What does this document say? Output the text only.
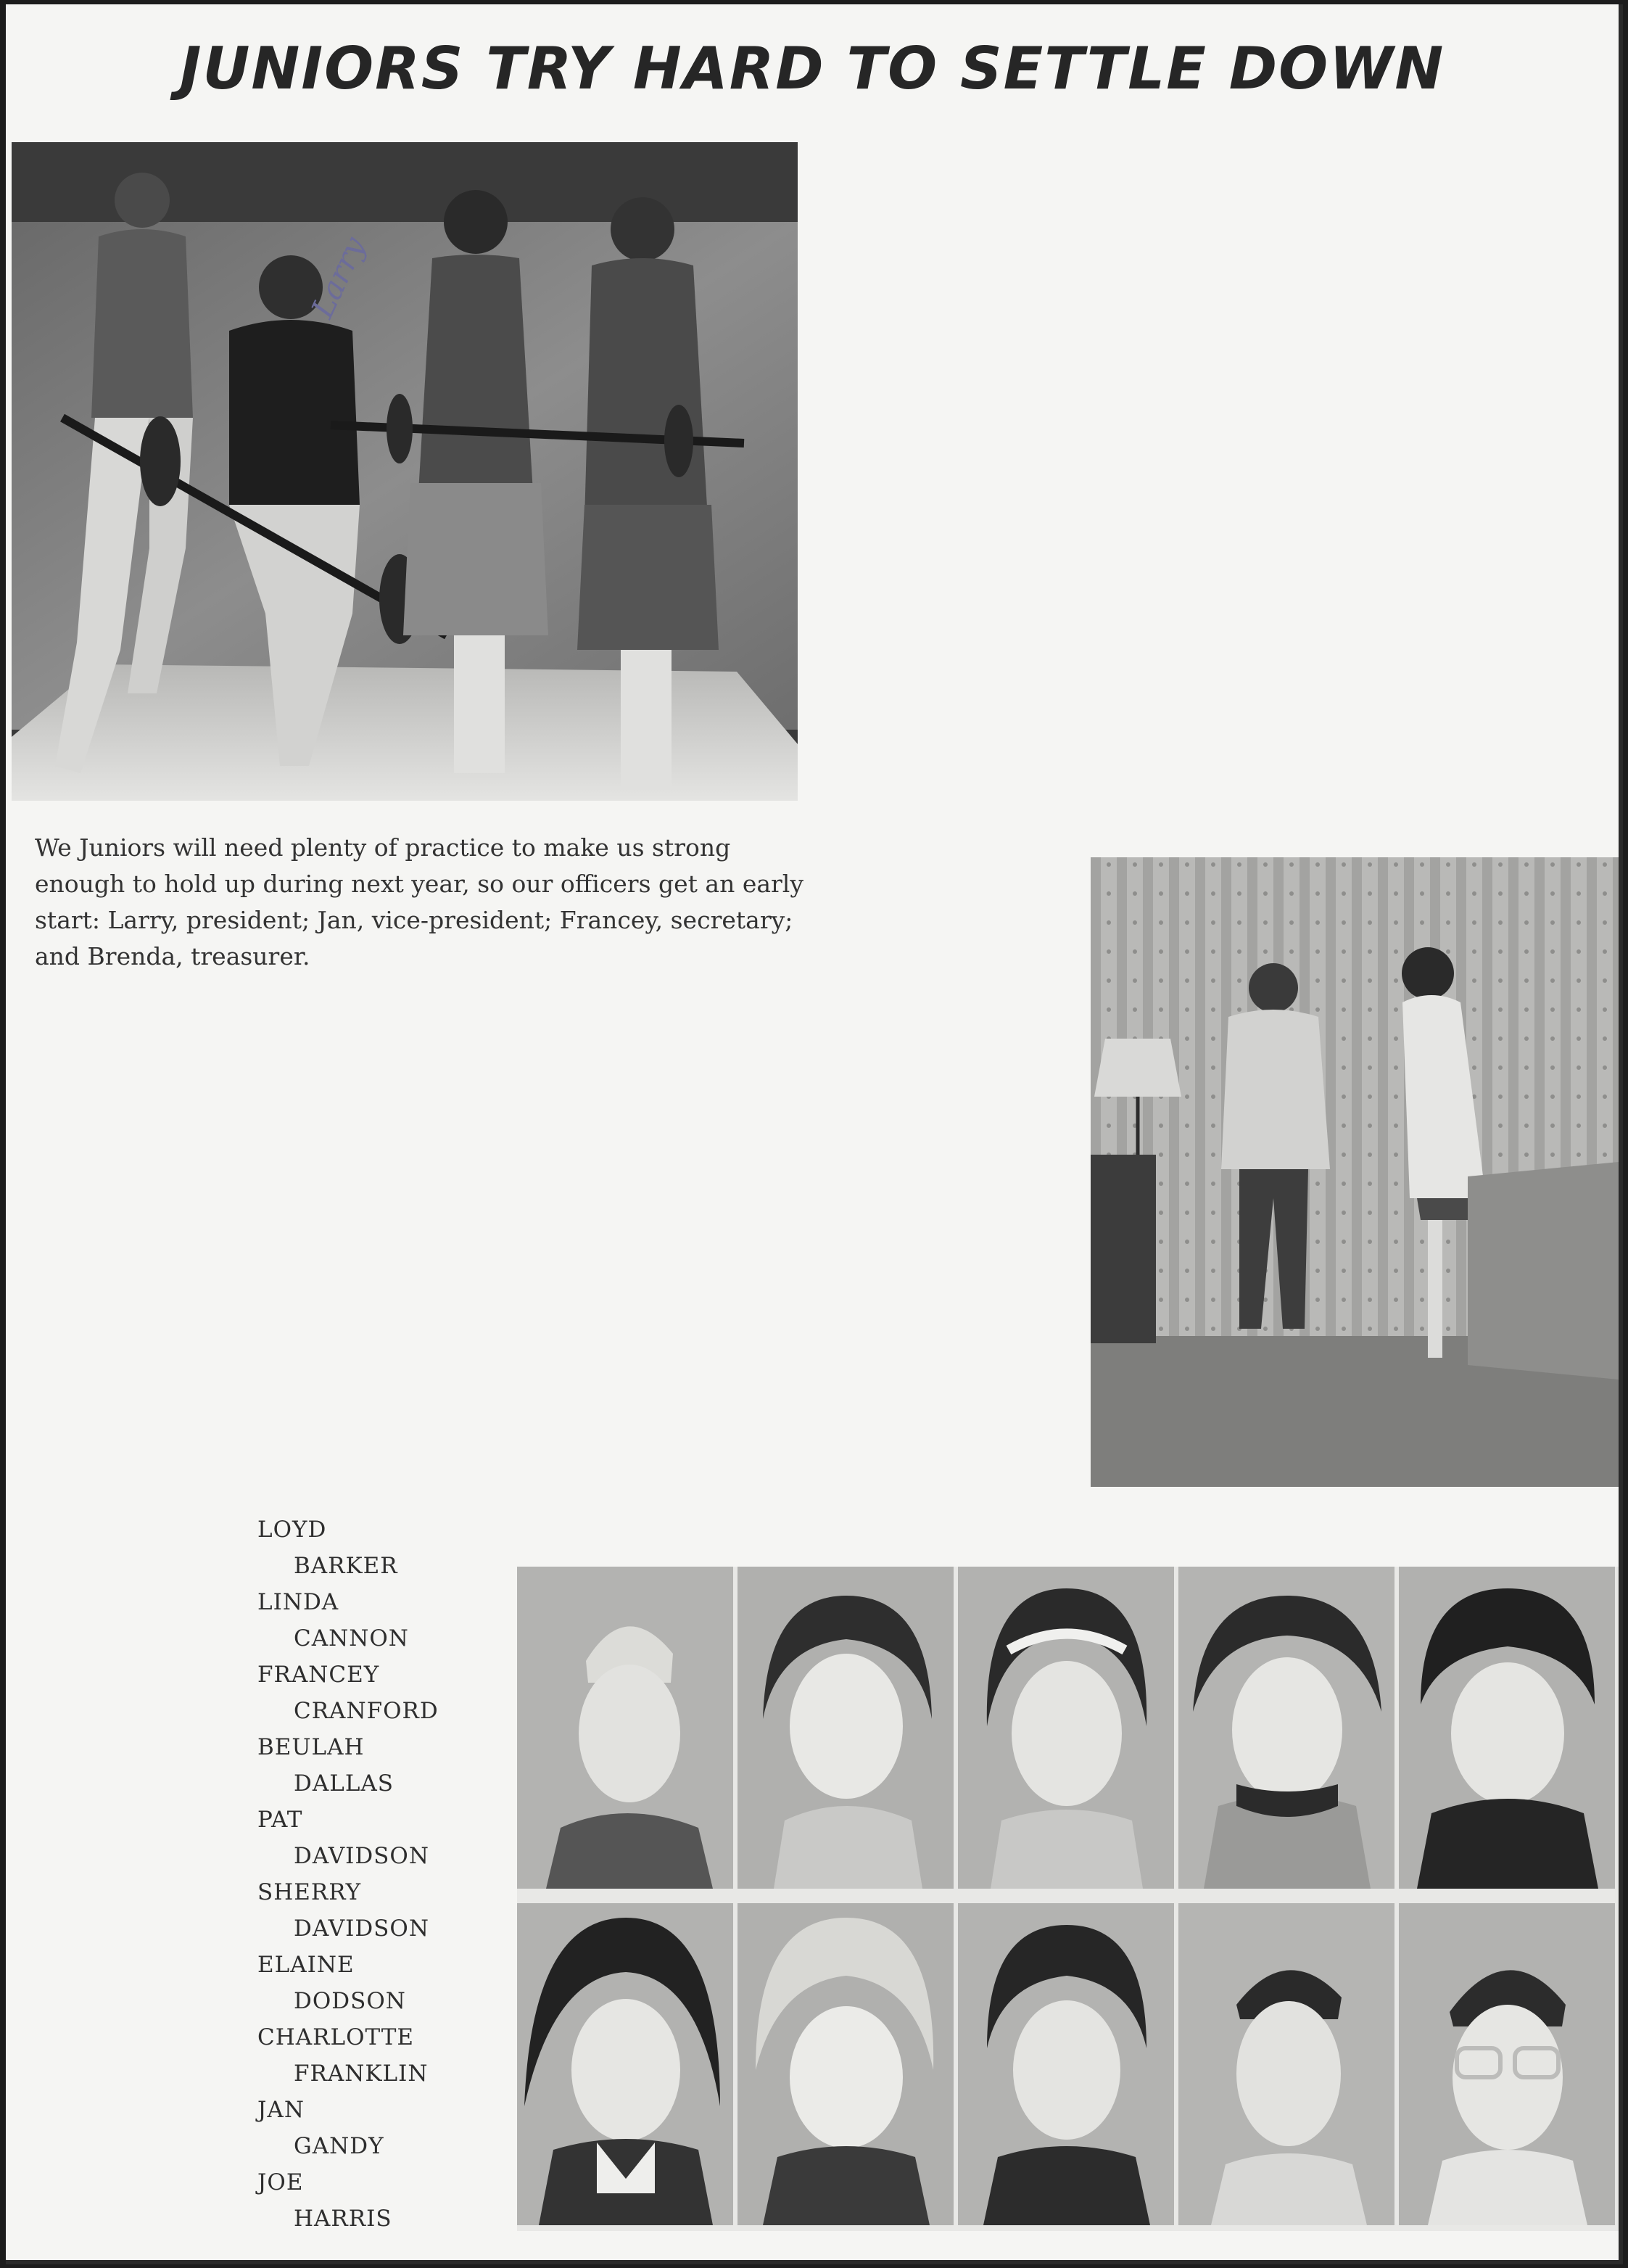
JUNIORS TRY HARD TO SETTLE DOWN
Larry
We Juniors will need plenty of practice to make us strong enough to hold up during next year, so our officers get an early start: Larry, president; Jan, vice-president; Francey, secretary; and Brenda, treasurer.
LOYD
BARKER
LINDA
CANNON
FRANCEY
CRANFORD
BEULAH
DALLAS
PAT
DAVIDSON
SHERRY
DAVIDSON
ELAINE
DODSON
CHARLOTTE
FRANKLIN
JAN
GANDY
JOE
HARRIS
